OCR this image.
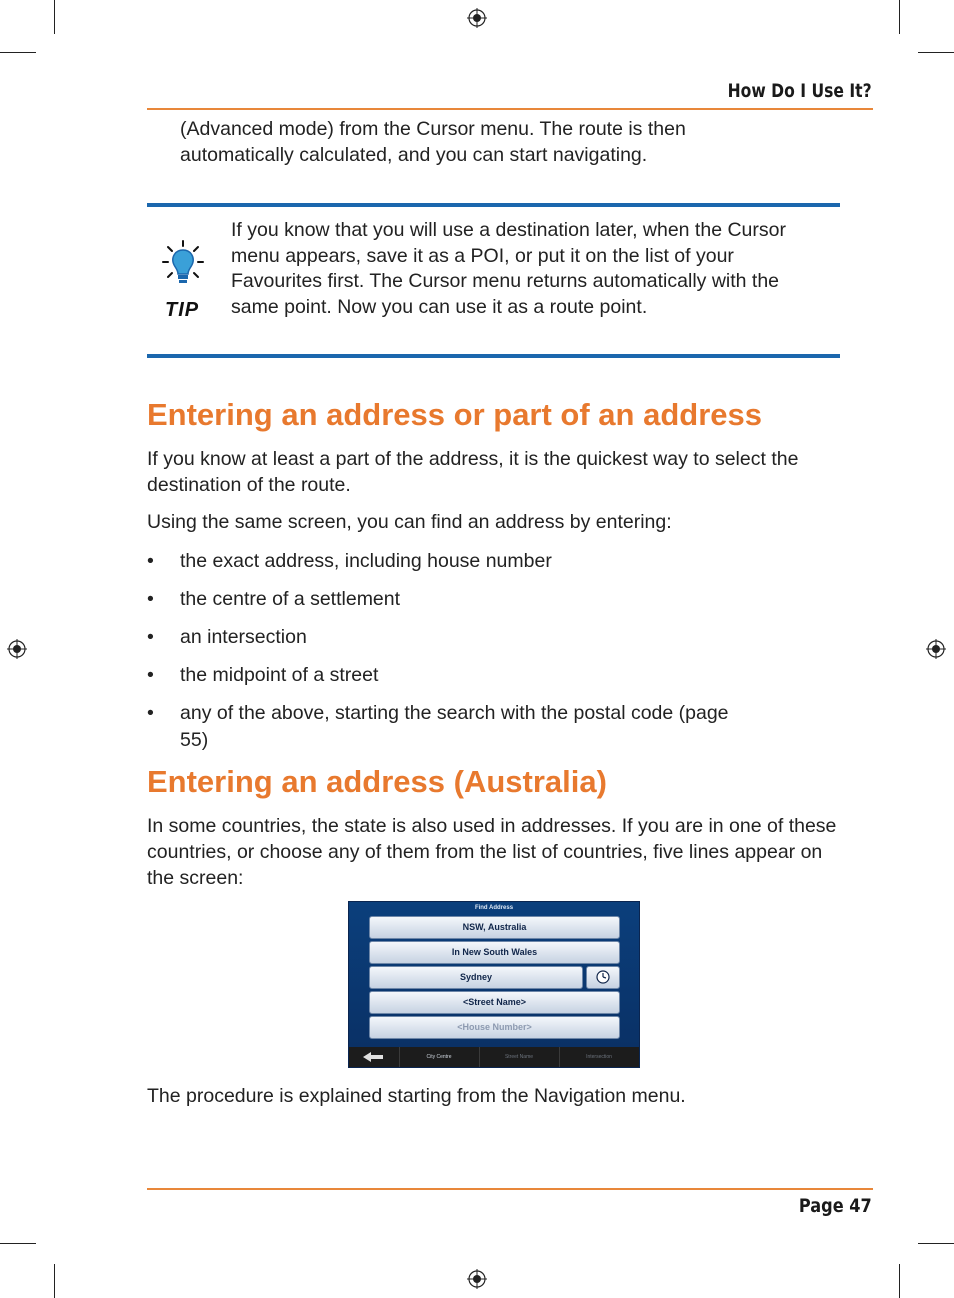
How Do I Use It?
(Advanced mode) from the Cursor menu. The route is then automatically calculated, and you can start navigating.
TIP
If you know that you will use a destination later, when the Cursor menu appears, save it as a POI, or put it on the list of your Favourites first. The Cursor menu returns automatically with the same point. Now you can use it as a route point.
Entering an address or part of an address
If you know at least a part of the address, it is the quickest way to select the destination of the route.
Using the same screen, you can find an address by entering:
• the exact address, including house number
• the centre of a settlement
• an intersection
• the midpoint of a street
• any of the above, starting the search with the postal code (page 55)
Entering an address (Australia)
In some countries, the state is also used in addresses. If you are in one of these countries, or choose any of them from the list of countries, five lines appear on the screen:
Find Address
NSW, Australia
In New South Wales
Sydney
<Street Name>
<House Number>
City Centre	Street Name	Intersection
The procedure is explained starting from the Navigation menu.
Page 47
